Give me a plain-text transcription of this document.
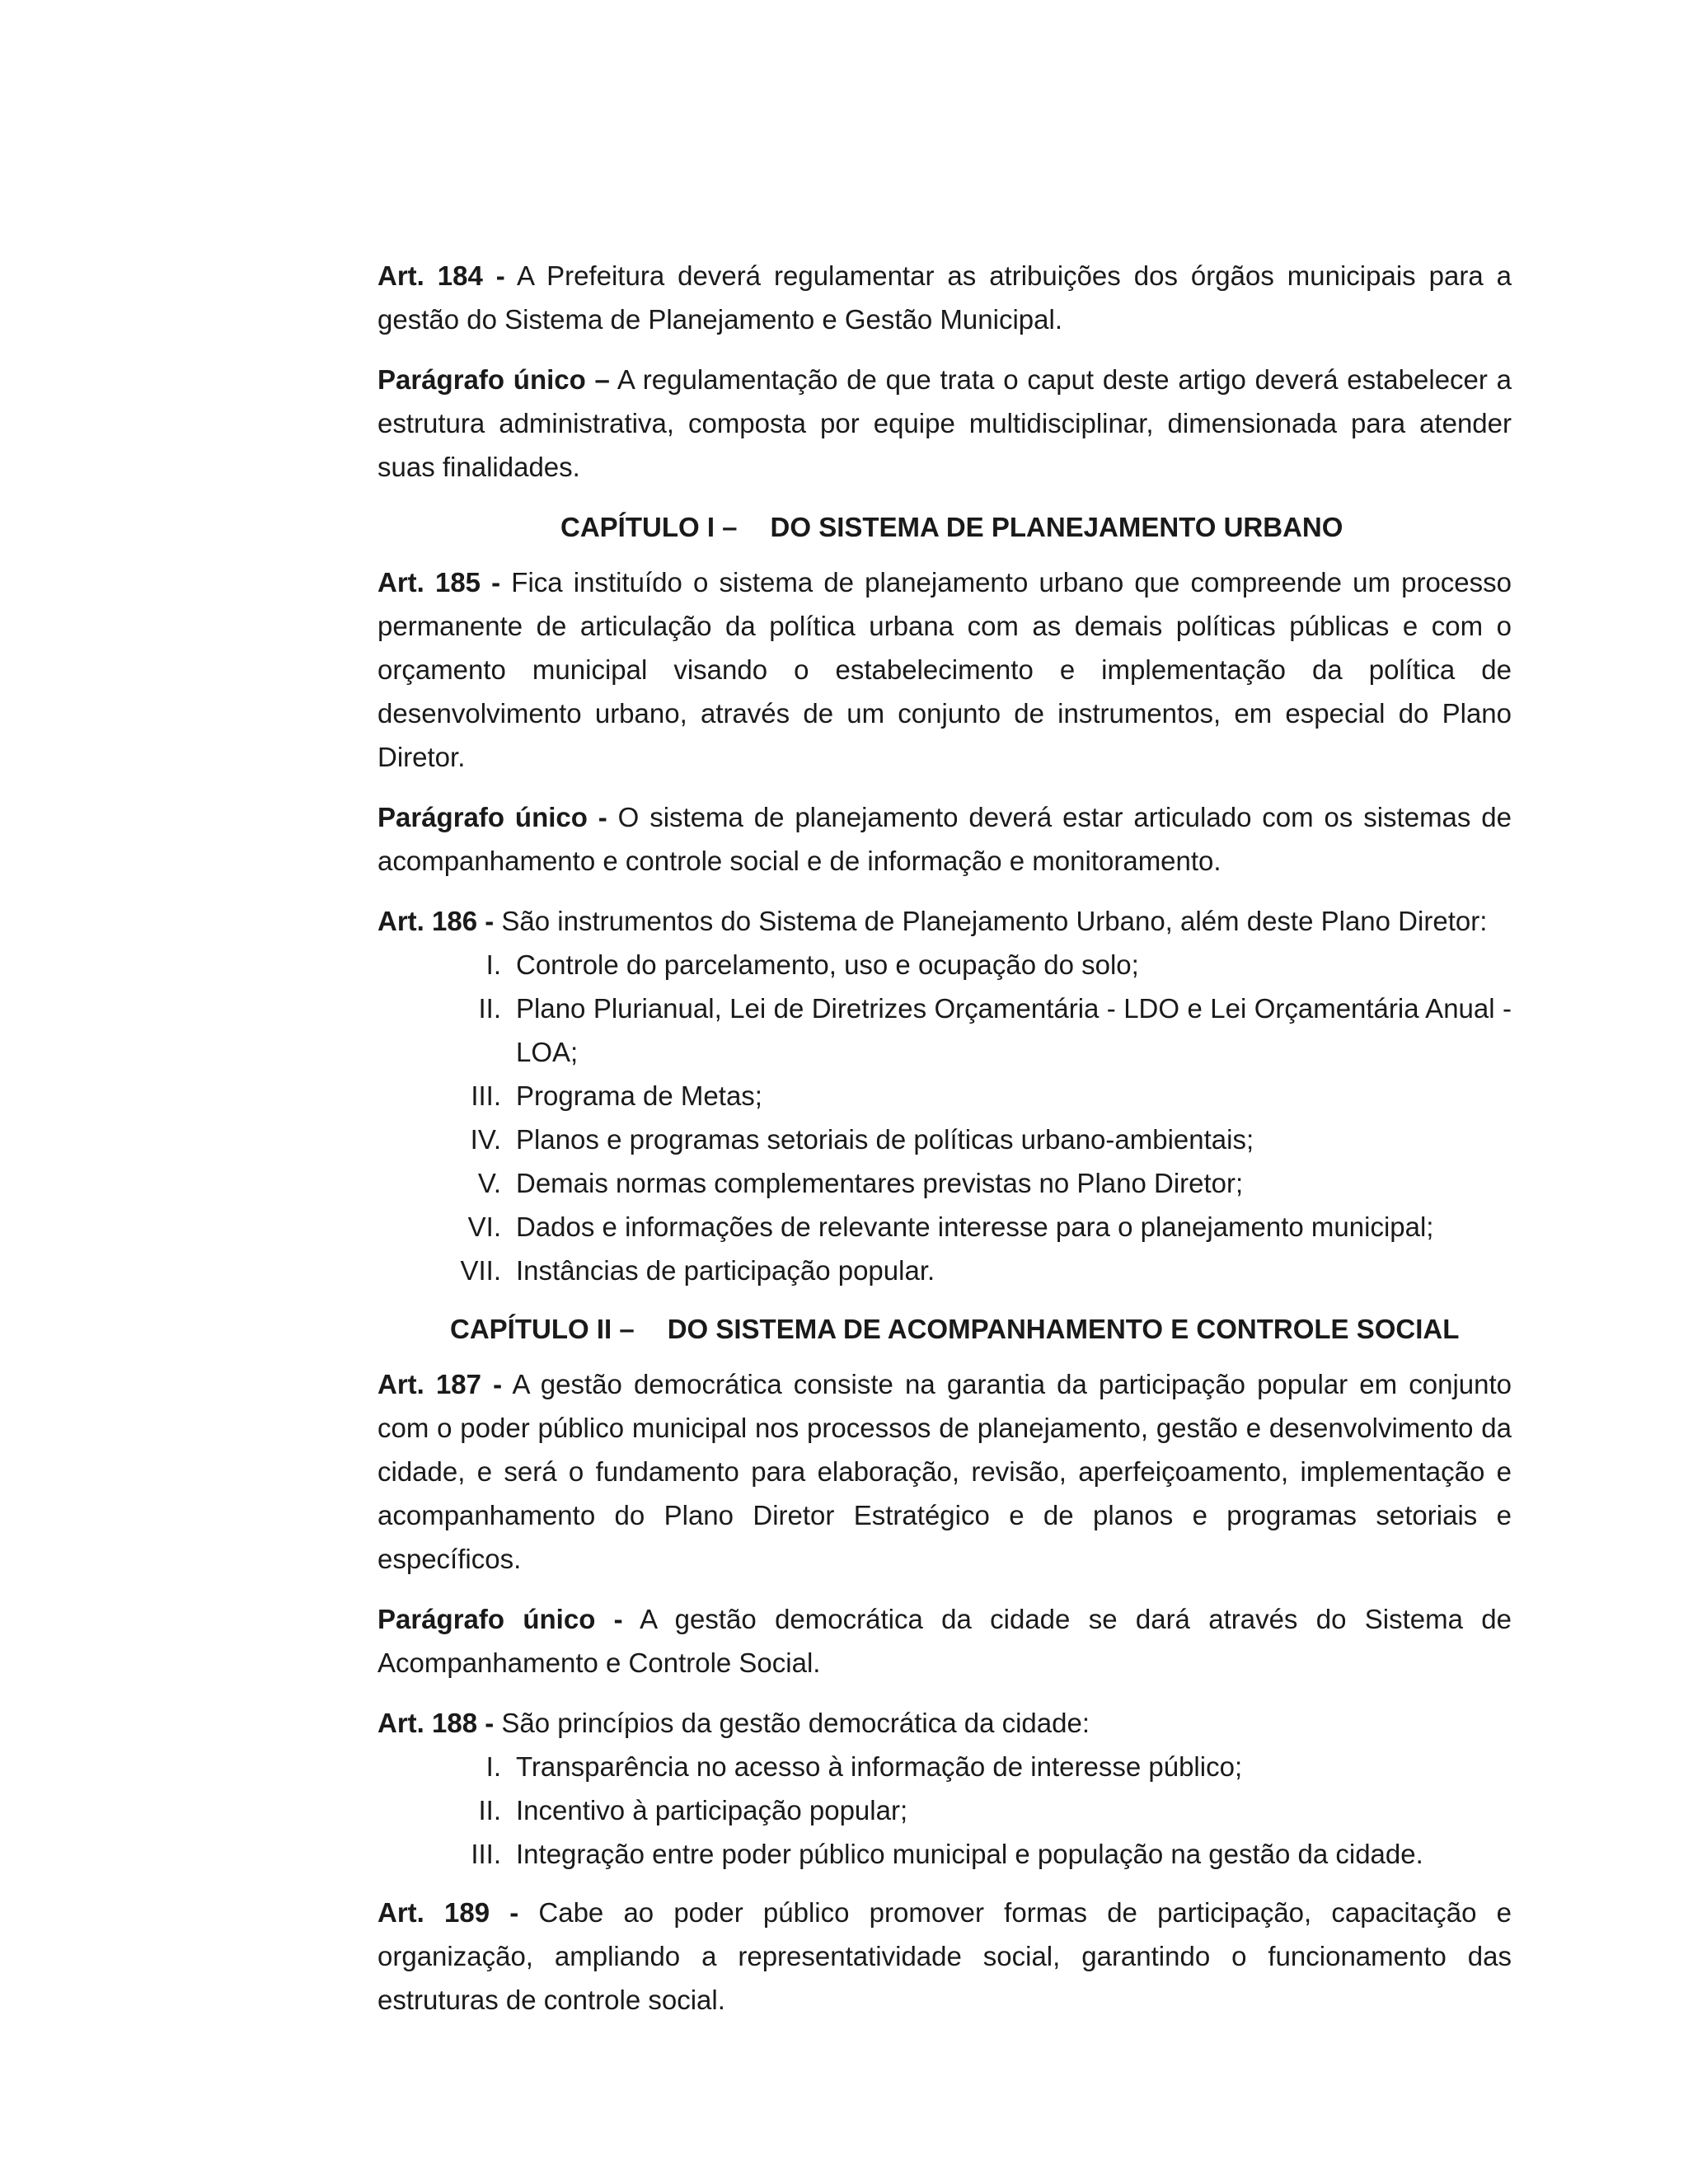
Art. 184 - A Prefeitura deverá regulamentar as atribuições dos órgãos municipais para a gestão do Sistema de Planejamento e Gestão Municipal.

Parágrafo único – A regulamentação de que trata o caput deste artigo deverá estabelecer a estrutura administrativa, composta por equipe multidisciplinar, dimensionada para atender suas finalidades.

CAPÍTULO I – DO SISTEMA DE PLANEJAMENTO URBANO

Art. 185 - Fica instituído o sistema de planejamento urbano que compreende um processo permanente de articulação da política urbana com as demais políticas públicas e com o orçamento municipal visando o estabelecimento e implementação da política de desenvolvimento urbano, através de um conjunto de instrumentos, em especial do Plano Diretor.

Parágrafo único - O sistema de planejamento deverá estar articulado com os sistemas de acompanhamento e controle social e de informação e monitoramento.

Art. 186 - São instrumentos do Sistema de Planejamento Urbano, além deste Plano Diretor:

I. Controle do parcelamento, uso e ocupação do solo;
II. Plano Plurianual, Lei de Diretrizes Orçamentária - LDO e Lei Orçamentária Anual - LOA;
III. Programa de Metas;
IV. Planos e programas setoriais de políticas urbano-ambientais;
V. Demais normas complementares previstas no Plano Diretor;
VI. Dados e informações de relevante interesse para o planejamento municipal;
VII. Instâncias de participação popular.
CAPÍTULO II – DO SISTEMA DE ACOMPANHAMENTO E CONTROLE SOCIAL

Art. 187 - A gestão democrática consiste na garantia da participação popular em conjunto com o poder público municipal nos processos de planejamento, gestão e desenvolvimento da cidade, e será o fundamento para elaboração, revisão, aperfeiçoamento, implementação e acompanhamento do Plano Diretor Estratégico e de planos e programas setoriais e específicos.

Parágrafo único - A gestão democrática da cidade se dará através do Sistema de Acompanhamento e Controle Social.

Art. 188 - São princípios da gestão democrática da cidade:

I. Transparência no acesso à informação de interesse público;
II. Incentivo à participação popular;
III. Integração entre poder público municipal e população na gestão da cidade.

Art. 189 - Cabe ao poder público promover formas de participação, capacitação e organização, ampliando a representatividade social, garantindo o funcionamento das estruturas de controle social.
